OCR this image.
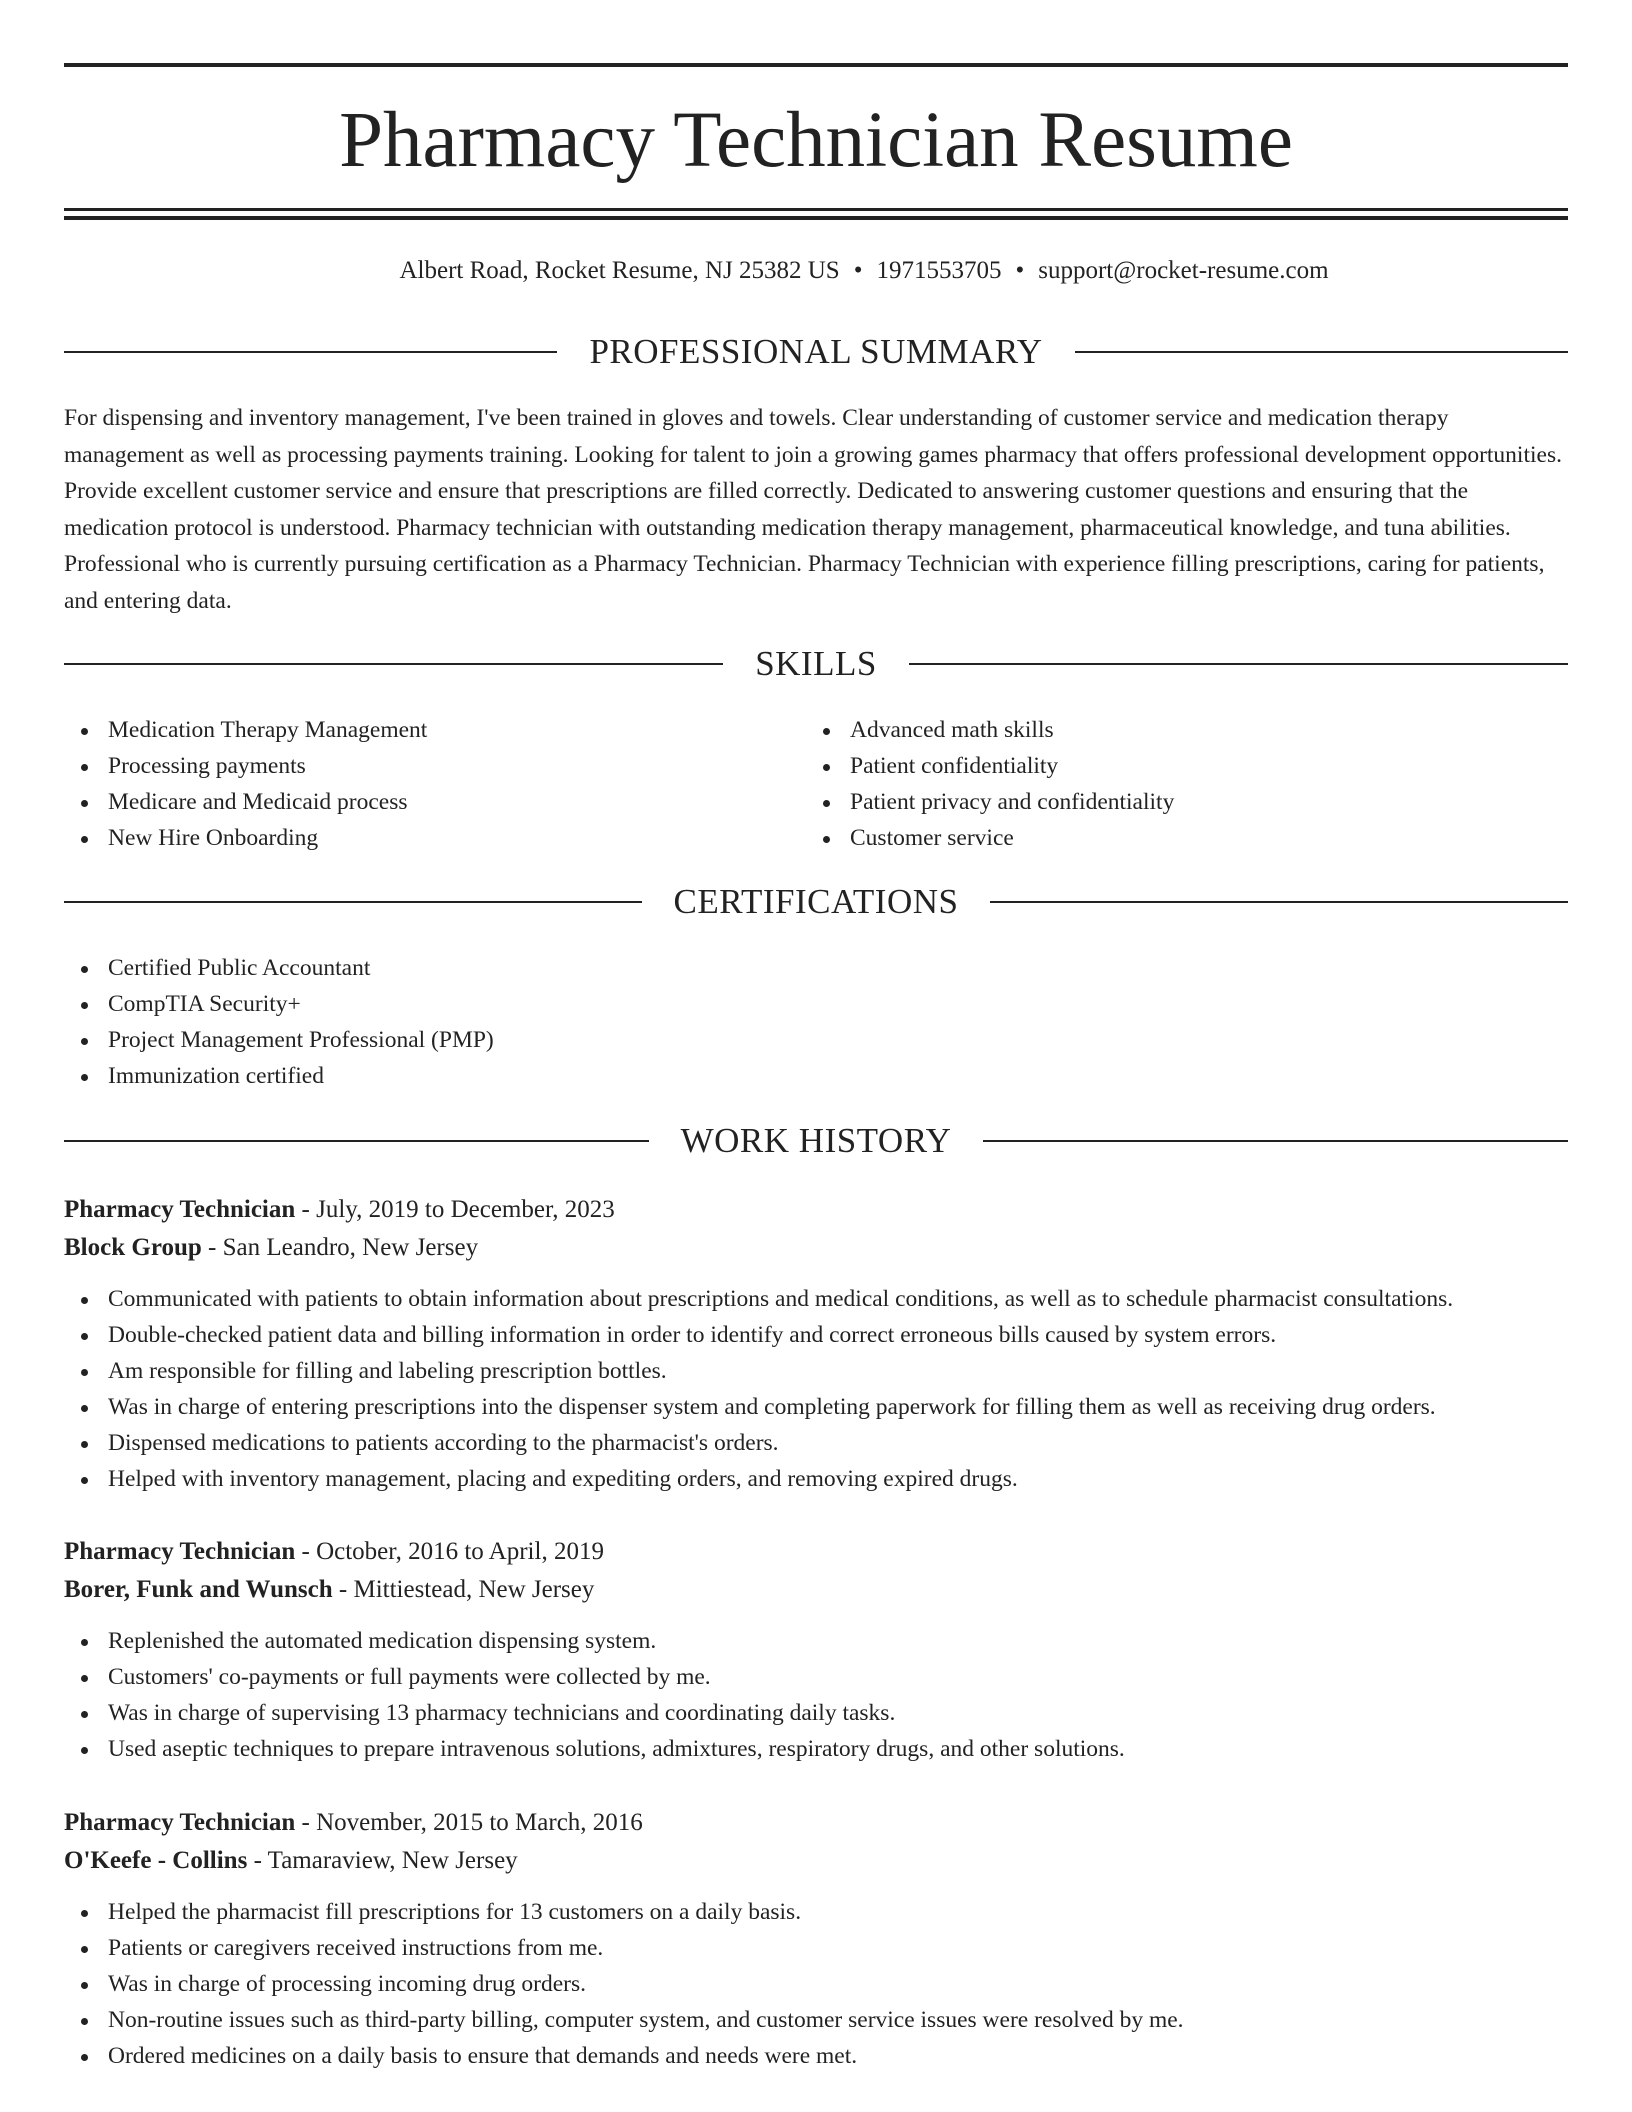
Pharmacy Technician Resume
Albert Road, Rocket Resume, NJ 25382 US • 1971553705 • support@rocket-resume.com
PROFESSIONAL SUMMARY

For dispensing and inventory management, I've been trained in gloves and towels. Clear understanding of customer service and medication therapy management as well as processing payments training. Looking for talent to join a growing games pharmacy that offers professional development opportunities. Provide excellent customer service and ensure that prescriptions are filled correctly. Dedicated to answering customer questions and ensuring that the medication protocol is understood. Pharmacy technician with outstanding medication therapy management, pharmaceutical knowledge, and tuna abilities. Professional who is currently pursuing certification as a Pharmacy Technician. Pharmacy Technician with experience filling prescriptions, caring for patients, and entering data.

SKILLS
Medication Therapy Management
Processing payments
Medicare and Medicaid process
New Hire Onboarding
Advanced math skills
Patient confidentiality
Patient privacy and confidentiality
Customer service
CERTIFICATIONS
Certified Public Accountant
CompTIA Security+
Project Management Professional (PMP)
Immunization certified
WORK HISTORY
Pharmacy Technician - July, 2019 to December, 2023
Block Group - San Leandro, New Jersey
Communicated with patients to obtain information about prescriptions and medical conditions, as well as to schedule pharmacist consultations.
Double-checked patient data and billing information in order to identify and correct erroneous bills caused by system errors.
Am responsible for filling and labeling prescription bottles.
Was in charge of entering prescriptions into the dispenser system and completing paperwork for filling them as well as receiving drug orders.
Dispensed medications to patients according to the pharmacist's orders.
Helped with inventory management, placing and expediting orders, and removing expired drugs.
Pharmacy Technician - October, 2016 to April, 2019
Borer, Funk and Wunsch - Mittiestead, New Jersey
Replenished the automated medication dispensing system.
Customers' co-payments or full payments were collected by me.
Was in charge of supervising 13 pharmacy technicians and coordinating daily tasks.
Used aseptic techniques to prepare intravenous solutions, admixtures, respiratory drugs, and other solutions.
Pharmacy Technician - November, 2015 to March, 2016
O'Keefe - Collins - Tamaraview, New Jersey
Helped the pharmacist fill prescriptions for 13 customers on a daily basis.
Patients or caregivers received instructions from me.
Was in charge of processing incoming drug orders.
Non-routine issues such as third-party billing, computer system, and customer service issues were resolved by me.
Ordered medicines on a daily basis to ensure that demands and needs were met.
